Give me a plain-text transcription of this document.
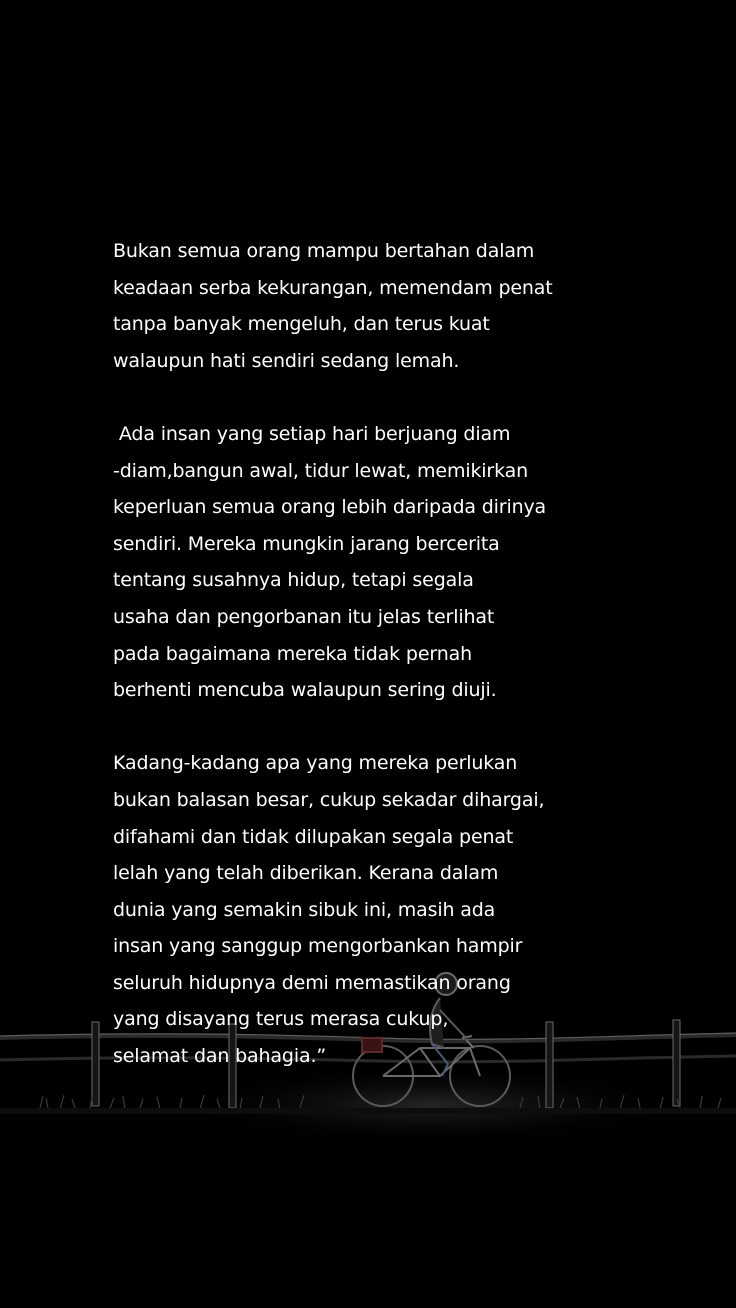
Bukan semua orang mampu bertahan dalam
keadaan serba kekurangan, memendam penat
tanpa banyak mengeluh, dan terus kuat
walaupun hati sendiri sedang lemah.

Ada insan yang setiap hari berjuang diam
-diam,bangun awal, tidur lewat, memikirkan
keperluan semua orang lebih daripada dirinya
sendiri. Mereka mungkin jarang bercerita
tentang susahnya hidup, tetapi segala
usaha dan pengorbanan itu jelas terlihat
pada bagaimana mereka tidak pernah
berhenti mencuba walaupun sering diuji.

Kadang-kadang apa yang mereka perlukan
bukan balasan besar, cukup sekadar dihargai,
difahami dan tidak dilupakan segala penat
lelah yang telah diberikan. Kerana dalam
dunia yang semakin sibuk ini, masih ada
insan yang sanggup mengorbankan hampir
seluruh hidupnya demi memastikan orang
yang disayang terus merasa cukup,
selamat dan bahagia.”
